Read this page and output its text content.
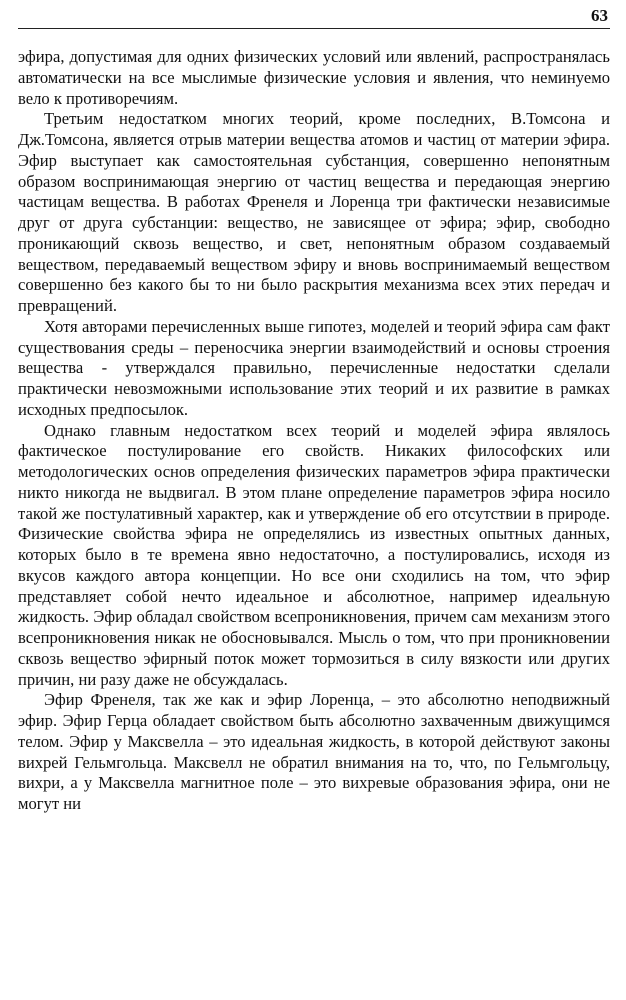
63

эфира, допустимая для одних физических условий или явлений, распространялась автоматически на все мыслимые физические условия и явления, что неминуемо вело к противоречиям.

Третьим недостатком многих теорий, кроме последних, В.Томсона и Дж.Томсона, является отрыв материи вещества атомов и частиц от материи эфира. Эфир выступает как самостоятельная субстанция, совершенно непонятным образом воспринимающая энергию от частиц вещества и передающая энергию частицам вещества. В работах Френеля и Лоренца три фактически независимые друг от друга субстанции: вещество, не зависящее от эфира; эфир, свободно проникающий сквозь вещество, и свет, непонятным образом создаваемый веществом, передаваемый веществом эфиру и вновь воспринимаемый веществом совершенно без какого бы то ни было раскрытия механизма всех этих передач и превращений.

Хотя авторами перечисленных выше гипотез, моделей и теорий эфира сам факт существования среды – переносчика энергии взаимодействий и основы строения вещества - утверждался правильно, перечисленные недостатки сделали практически невозможными использование этих теорий и их развитие в рамках исходных предпосылок.

Однако главным недостатком всех теорий и моделей эфира являлось фактическое постулирование его свойств. Никаких философских или методологических основ определения физических параметров эфира практически никто никогда не выдвигал. В этом плане определение параметров эфира носило такой же постулативный характер, как и утверждение об его отсутствии в природе. Физические свойства эфира не определялись из известных опытных данных, которых было в те времена явно недостаточно, а постулировались, исходя из вкусов каждого автора концепции. Но все они сходились на том, что эфир представляет собой нечто идеальное и абсолютное, например идеальную жидкость. Эфир обладал свойством всепроникновения, причем сам механизм этого всепроникновения никак не обосновывался. Мысль о том, что при проникновении сквозь вещество эфирный поток может тормозиться в силу вязкости или других причин, ни разу даже не обсуждалась.

Эфир Френеля, так же как и эфир Лоренца, – это абсолютно неподвижный эфир. Эфир Герца обладает свойством быть абсолютно захваченным движущимся телом. Эфир у Максвелла – это идеальная жидкость, в которой действуют законы вихрей Гельмгольца. Максвелл не обратил внимания на то, что, по Гельмгольцу, вихри, а у Максвелла магнитное поле – это вихревые образования эфира, они не могут ни
